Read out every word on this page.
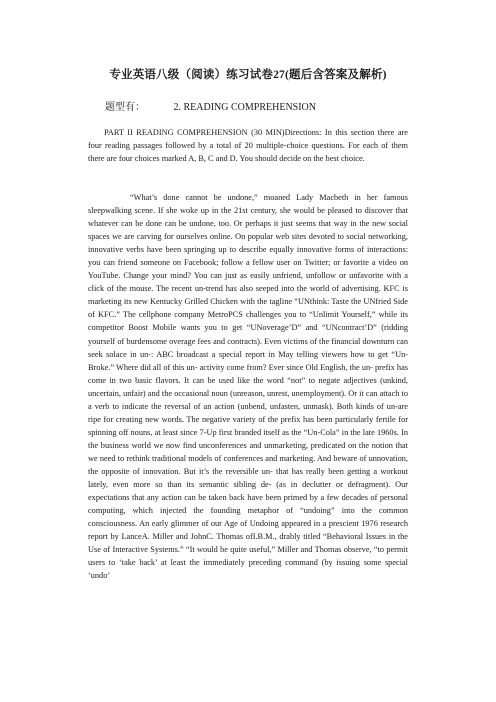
专业英语八级（阅读）练习试卷27(题后含答案及解析)
题型有：	2. READING COMPREHENSION

PART II READING COMPREHENSION (30 MIN)Directions: In this section there are four reading passages followed by a total of 20 multiple-choice questions. For each of them there are four choices marked A, B, C and D. You should decide on the best choice.

“What’s done cannot be undone,” moaned Lady Macbeth in her famous sleepwalking scene. If she woke up in the 21st century, she would be pleased to discover that whatever can be done can be undone, too. Or perhaps it just seems that way in the new social spaces we are carving for ourselves online. On popular web sites devoted to social networking, innovative verbs have been springing up to describe equally innovative forms of interactions: you can friend someone on Facebook; follow a fellow user on Twitter; or favorite a video on YouTube. Change your mind? You can just as easily unfriend, unfollow or unfavorite with a click of the mouse. The recent un-trend has also seeped into the world of advertising. KFC is marketing its new Kentucky Grilled Chicken with the tagline “UNthink: Taste the UNfried Side of KFC.” The cellphone company MetroPCS challenges you to “Unlimit Yourself,” while its competitor Boost Mobile wants you to get “UNoverage’D” and “UNcontract’D” (ridding yourself of burdensome overage fees and contracts). Even victims of the financial downturn can seek solace in un-: ABC broadcast a special report in May telling viewers how to get “Un-Broke.” Where did all of this un- activity come from? Ever since Old English, the un- prefix has come in two basic flavors. It can be used like the word “not” to negate adjectives (unkind, uncertain, unfair) and the occasional noun (unreason, unrest, unemployment). Or it can attach to a verb to indicate the reversal of an action (unbend, unfasten, unmask). Both kinds of un-are ripe for creating new words. The negative variety of the prefix has been particularly fertile for spinning off nouns, at least since 7-Up first branded itself as the “Un-Cola” in the late 1960s. In the business world we now find unconferences and unmarketing, predicated on the notion that we need to rethink traditional models of conferences and marketing. And beware of unnovation, the opposite of innovation. But it’s the reversible un- that has really been getting a workout lately, even more so than its semantic sibling de- (as in declutter or defragment). Our expectations that any action can be taken back have been primed by a few decades of personal computing, which injected the founding metaphor of “undoing” into the common consciousness. An early glimmer of our Age of Undoing appeared in a prescient 1976 research report by LanceA. Miller and JohnC. Thomas ofI.B.M., drably titled “Behavioral Issues in the Use of Interactive Systems.” “It would be quite useful,” Miller and Thomas observe, “to permit users to ‘take back’ at least the immediately preceding command (by issuing some special ‘undo’
